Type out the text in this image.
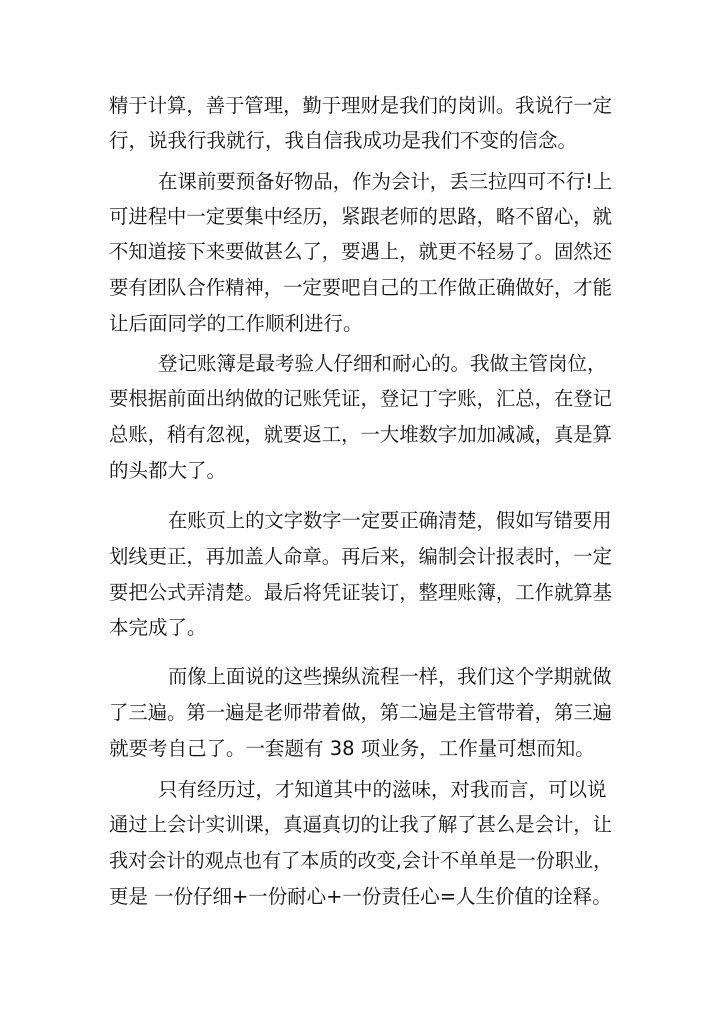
精于计算，善于管理，勤于理财是我们的岗训。我说行一定
行，说我行我就行，我自信我成功是我们不变的信念。
在课前要预备好物品，作为会计，丢三拉四可不行!上
可进程中一定要集中经历，紧跟老师的思路，略不留心，就
不知道接下来要做甚么了，要遇上，就更不轻易了。固然还
要有团队合作精神，一定要吧自己的工作做正确做好，才能
让后面同学的工作顺利进行。
登记账簿是最考验人仔细和耐心的。我做主管岗位，
要根据前面出纳做的记账凭证，登记丁字账，汇总，在登记
总账，稍有忽视，就要返工，一大堆数字加加减减，真是算
的头都大了。
在账页上的文字数字一定要正确清楚，假如写错要用
划线更正，再加盖人命章。再后来，编制会计报表时，一定
要把公式弄清楚。最后将凭证装订，整理账簿，工作就算基
本完成了。
而像上面说的这些操纵流程一样，我们这个学期就做
了三遍。第一遍是老师带着做，第二遍是主管带着，第三遍
就要考自己了。一套题有 38 项业务，工作量可想而知。
只有经历过，才知道其中的滋味，对我而言，可以说
通过上会计实训课，真逼真切的让我了解了甚么是会计，让
我对会计的观点也有了本质的改变,会计不单单是一份职业，
更是 一份仔细+一份耐心+一份责任心=人生价值的诠释。
